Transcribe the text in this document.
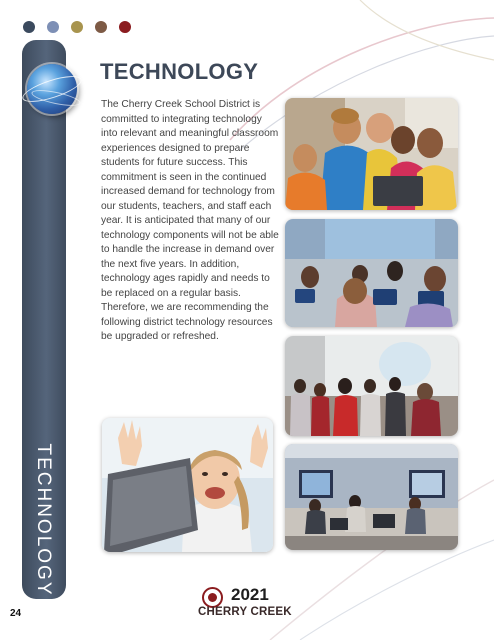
TECHNOLOGY
TECHNOLOGY

The Cherry Creek School District is committed to integrating technology into relevant and meaningful classroom experiences designed to prepare students for future success. This commitment is seen in the continued increased demand for technology from our students, teachers, and staff each year. It is anticipated that many of our technology components will not be able to handle the increase in demand over the next five years. In addition, technology ages rapidly and needs to be replaced on a regular basis. Therefore, we are recommending the following district technology resources be upgraded or refreshed.

24
2021
CHERRY CREEK
